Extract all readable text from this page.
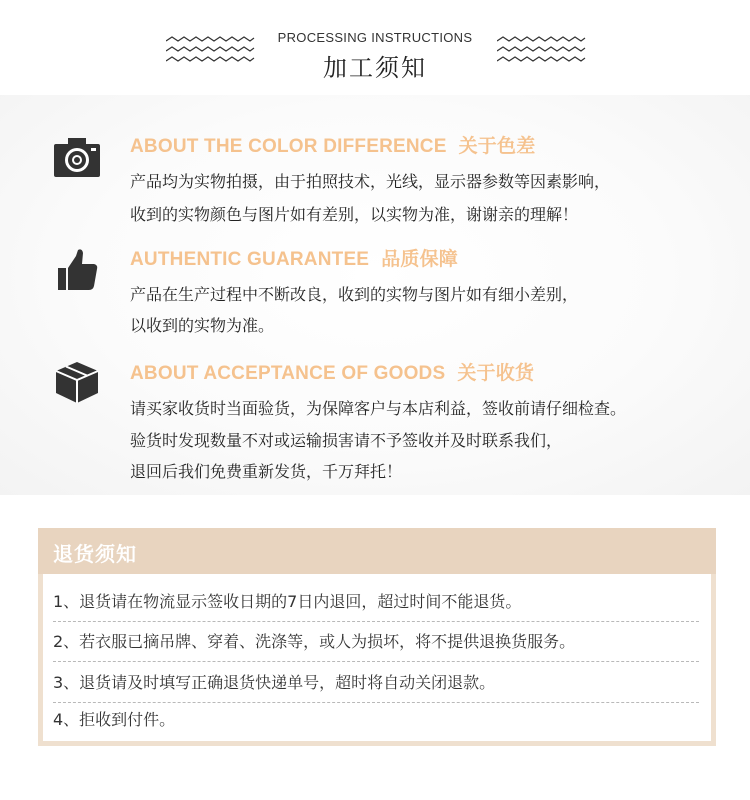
PROCESSING INSTRUCTIONS
加工须知
ABOUT THE COLOR DIFFERENCE 关于色差
产品均为实物拍摄，由于拍照技术，光线，显示器参数等因素影响，
收到的实物颜色与图片如有差别，以实物为准，谢谢亲的理解！
AUTHENTIC GUARANTEE 品质保障
产品在生产过程中不断改良，收到的实物与图片如有细小差别，
以收到的实物为准。
ABOUT ACCEPTANCE OF GOODS 关于收货
请买家收货时当面验货，为保障客户与本店利益，签收前请仔细检查。
验货时发现数量不对或运输损害请不予签收并及时联系我们，
退回后我们免费重新发货，千万拜托！
退货须知
1、退货请在物流显示签收日期的7日内退回，超过时间不能退货。
2、若衣服已摘吊牌、穿着、洗涤等，或人为损坏，将不提供退换货服务。
3、退货请及时填写正确退货快递单号，超时将自动关闭退款。
4、拒收到付件。
